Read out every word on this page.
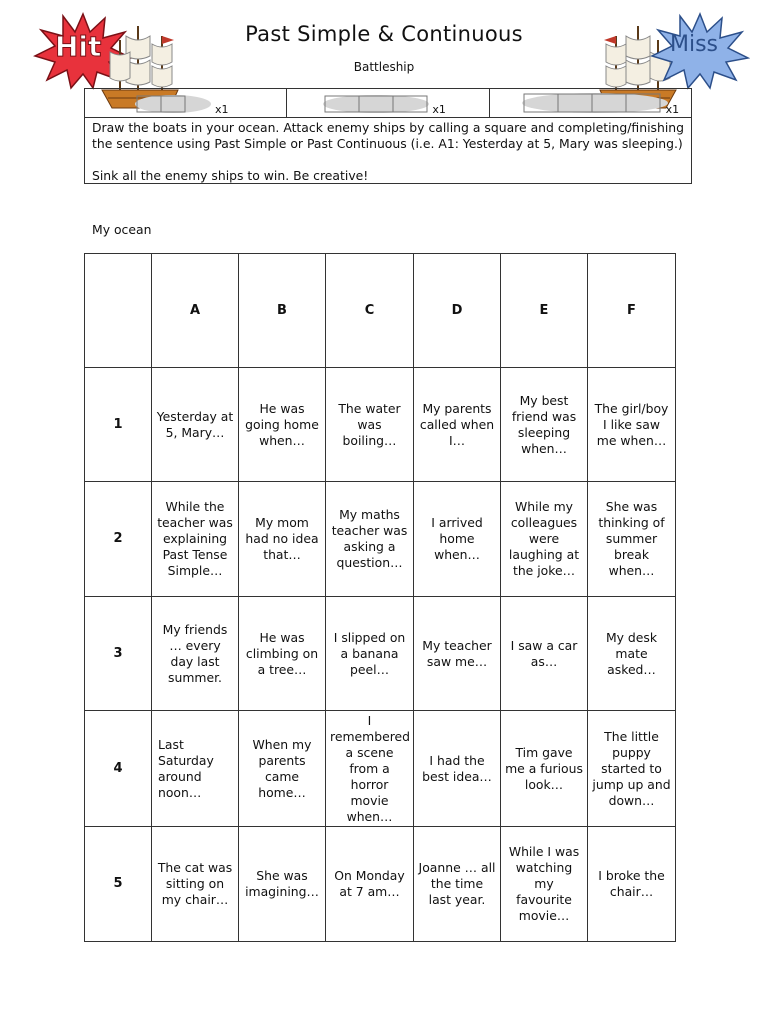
Past Simple & Continuous
Battleship
Hit	Miss
x1	x1	x1

Draw the boats in your ocean. Attack enemy ships by calling a square and completing/finishing the sentence using Past Simple or Past Continuous (i.e. A1: Yesterday at 5, Mary was sleeping.)

Sink all the enemy ships to win. Be creative!

My ocean
	A	B	C	D	E	F
1	Yesterday at 5, Mary…	He was going home when…	The water was boiling…	My parents called when I…	My best friend was sleeping when…	The girl/boy I like saw me when…
2	While the teacher was explaining Past Tense Simple…	My mom had no idea that…	My maths teacher was asking a question…	I arrived home when…	While my colleagues were laughing at the joke…	She was thinking of summer break when…
3	My friends … every day last summer.	He was climbing on a tree…	I slipped on a banana peel…	My teacher saw me…	I saw a car as…	My desk mate asked…
4	Last Saturday around noon…	When my parents came home…	I remembered a scene from a horror movie when…	I had the best idea…	Tim gave me a furious look…	The little puppy started to jump up and down…
5	The cat was sitting on my chair…	She was imagining…	On Monday at 7 am…	Joanne … all the time last year.	While I was watching my favourite movie…	I broke the chair…
